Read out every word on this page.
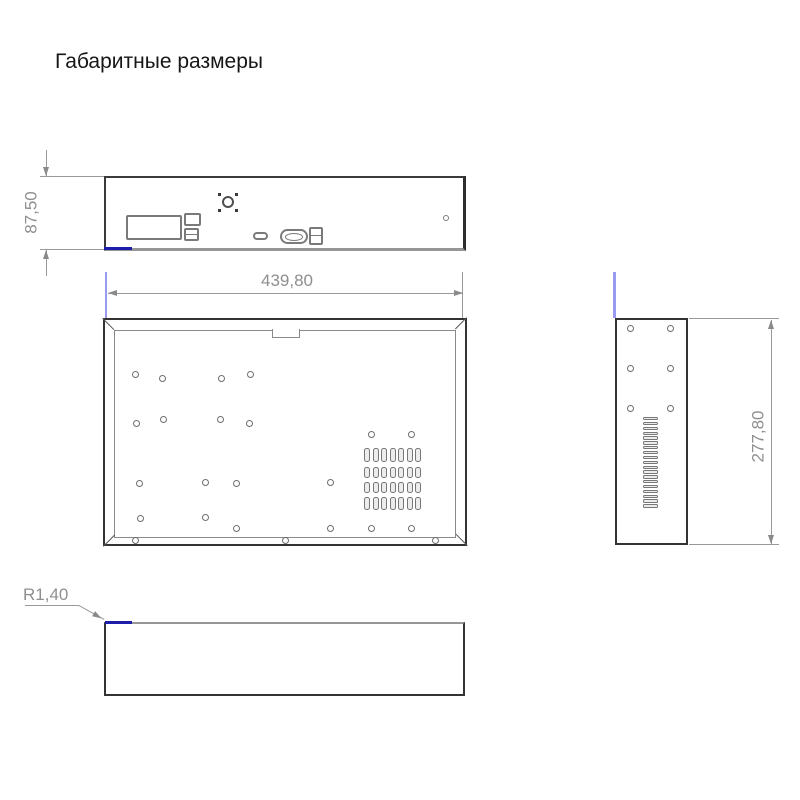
Габаритные размеры
87,50
439,80
277,80
R1,40
